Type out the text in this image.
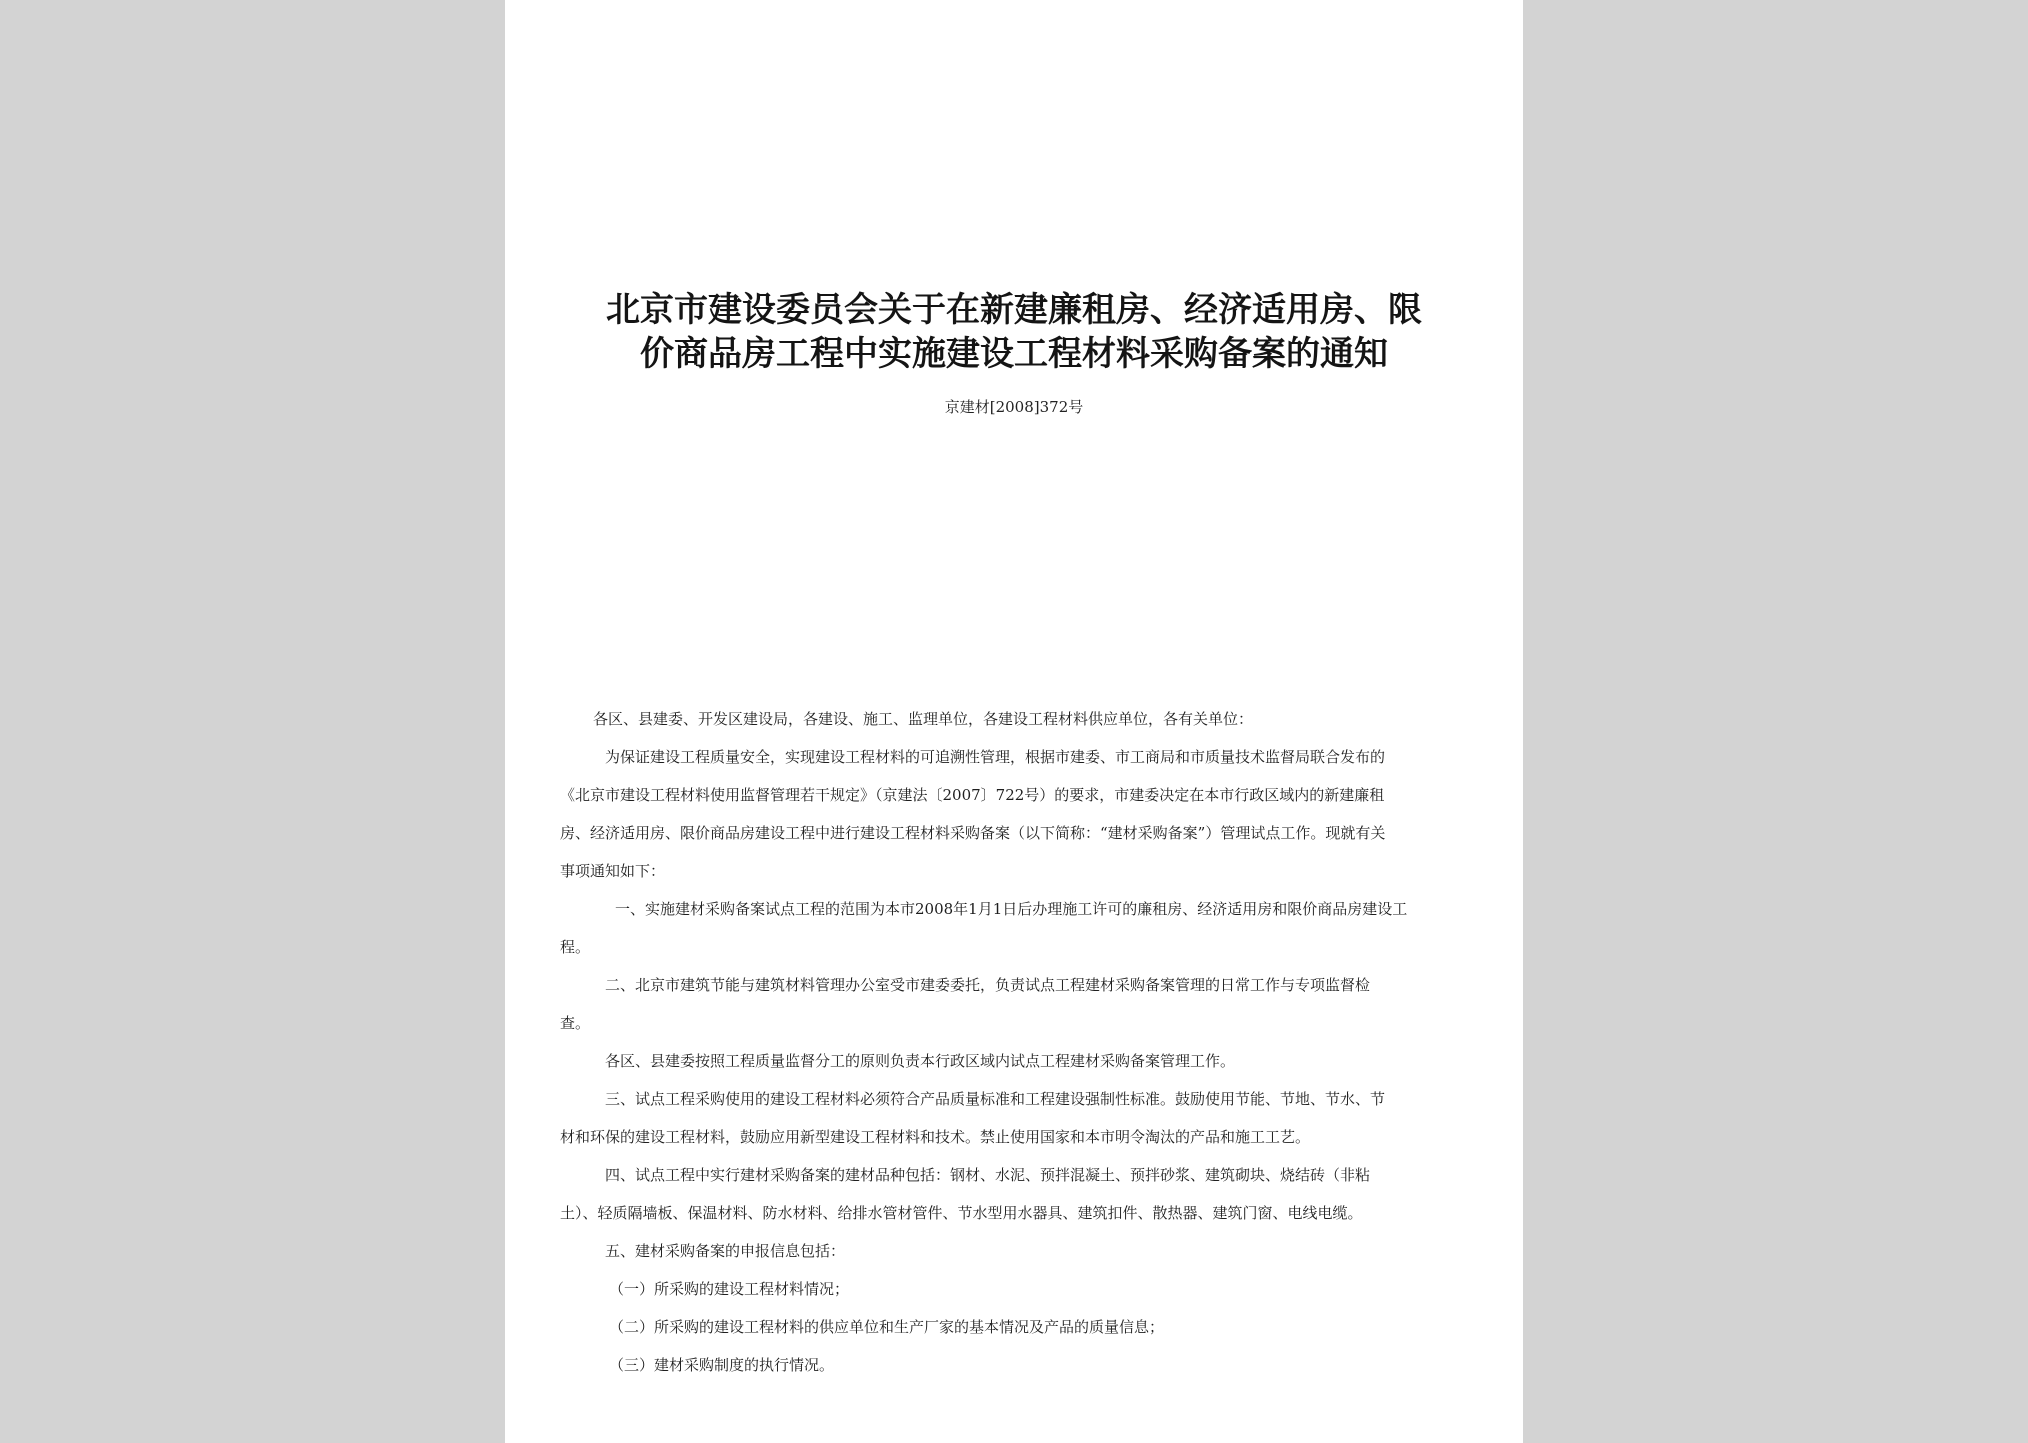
北京市建设委员会关于在新建廉租房、经济适用房、限
价商品房工程中实施建设工程材料采购备案的通知
京建材[2008]372号
各区、县建委、开发区建设局，各建设、施工、监理单位，各建设工程材料供应单位，各有关单位：
为保证建设工程质量安全，实现建设工程材料的可追溯性管理，根据市建委、市工商局和市质量技术监督局联合发布的
《北京市建设工程材料使用监督管理若干规定》（京建法〔2007〕722号）的要求，市建委决定在本市行政区域内的新建廉租
房、经济适用房、限价商品房建设工程中进行建设工程材料采购备案（以下简称：“建材采购备案”）管理试点工作。现就有关
事项通知如下：
一、实施建材采购备案试点工程的范围为本市2008年1月1日后办理施工许可的廉租房、经济适用房和限价商品房建设工
程。
二、北京市建筑节能与建筑材料管理办公室受市建委委托，负责试点工程建材采购备案管理的日常工作与专项监督检
查。
各区、县建委按照工程质量监督分工的原则负责本行政区域内试点工程建材采购备案管理工作。
三、试点工程采购使用的建设工程材料必须符合产品质量标准和工程建设强制性标准。鼓励使用节能、节地、节水、节
材和环保的建设工程材料，鼓励应用新型建设工程材料和技术。禁止使用国家和本市明令淘汰的产品和施工工艺。
四、试点工程中实行建材采购备案的建材品种包括：钢材、水泥、预拌混凝土、预拌砂浆、建筑砌块、烧结砖（非粘
土）、轻质隔墙板、保温材料、防水材料、给排水管材管件、节水型用水器具、建筑扣件、散热器、建筑门窗、电线电缆。
五、建材采购备案的申报信息包括：
（一）所采购的建设工程材料情况；
（二）所采购的建设工程材料的供应单位和生产厂家的基本情况及产品的质量信息；
（三）建材采购制度的执行情况。
